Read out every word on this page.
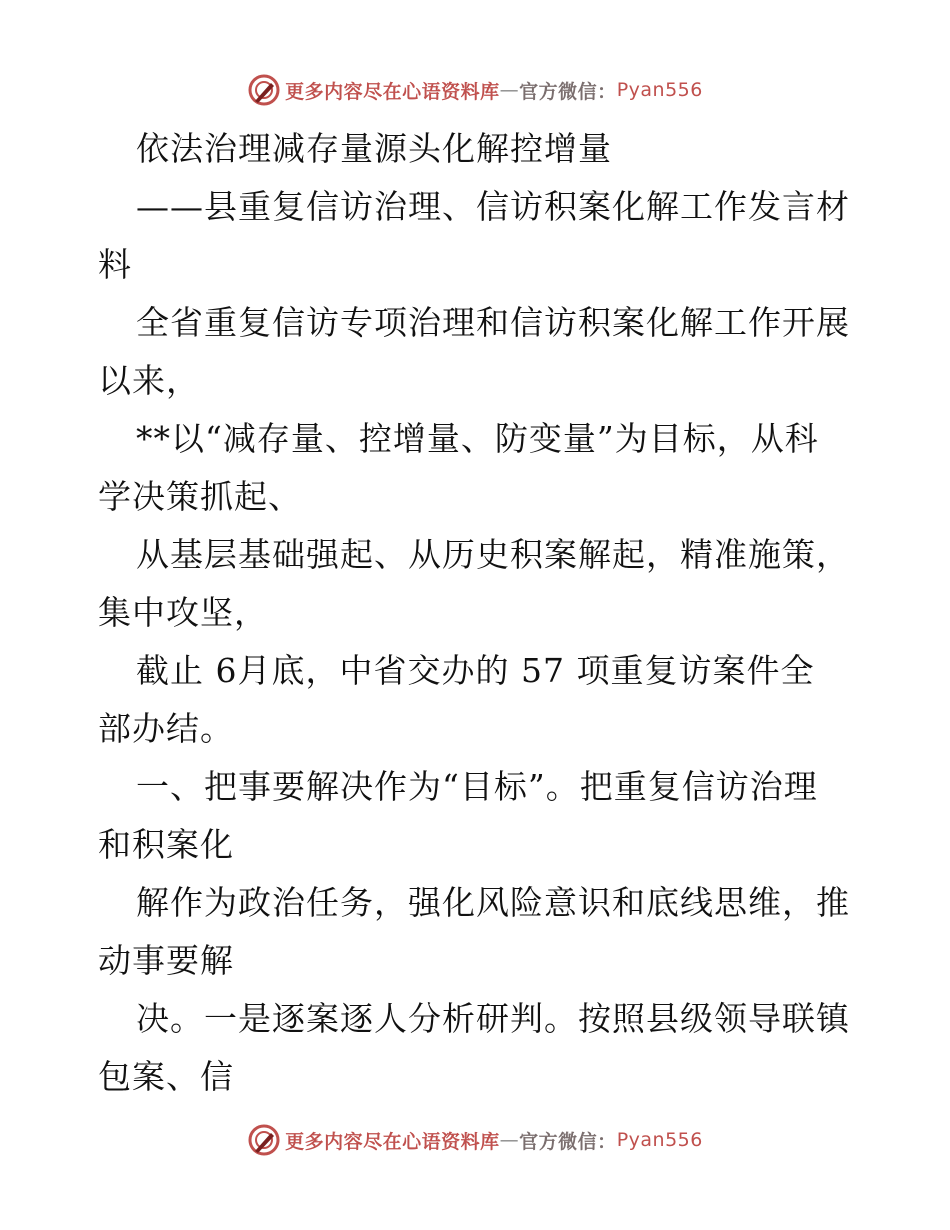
更多内容尽在心语资料库 — 官方微信： Pyan556
依法治理减存量源头化解控增量
——县重复信访治理、信访积案化解工作发言材
料
全省重复信访专项治理和信访积案化解工作开展
以来，
**以“减存量、控增量、防变量”为目标，从科
学决策抓起、
从基层基础强起、从历史积案解起，精准施策，
集中攻坚，
截止 6月底，中省交办的 57 项重复访案件全
部办结。
一、把事要解决作为“目标”。把重复信访治理
和积案化
解作为政治任务，强化风险意识和底线思维，推
动事要解
决。一是逐案逐人分析研判。按照县级领导联镇
包案、信
更多内容尽在心语资料库 — 官方微信： Pyan556
